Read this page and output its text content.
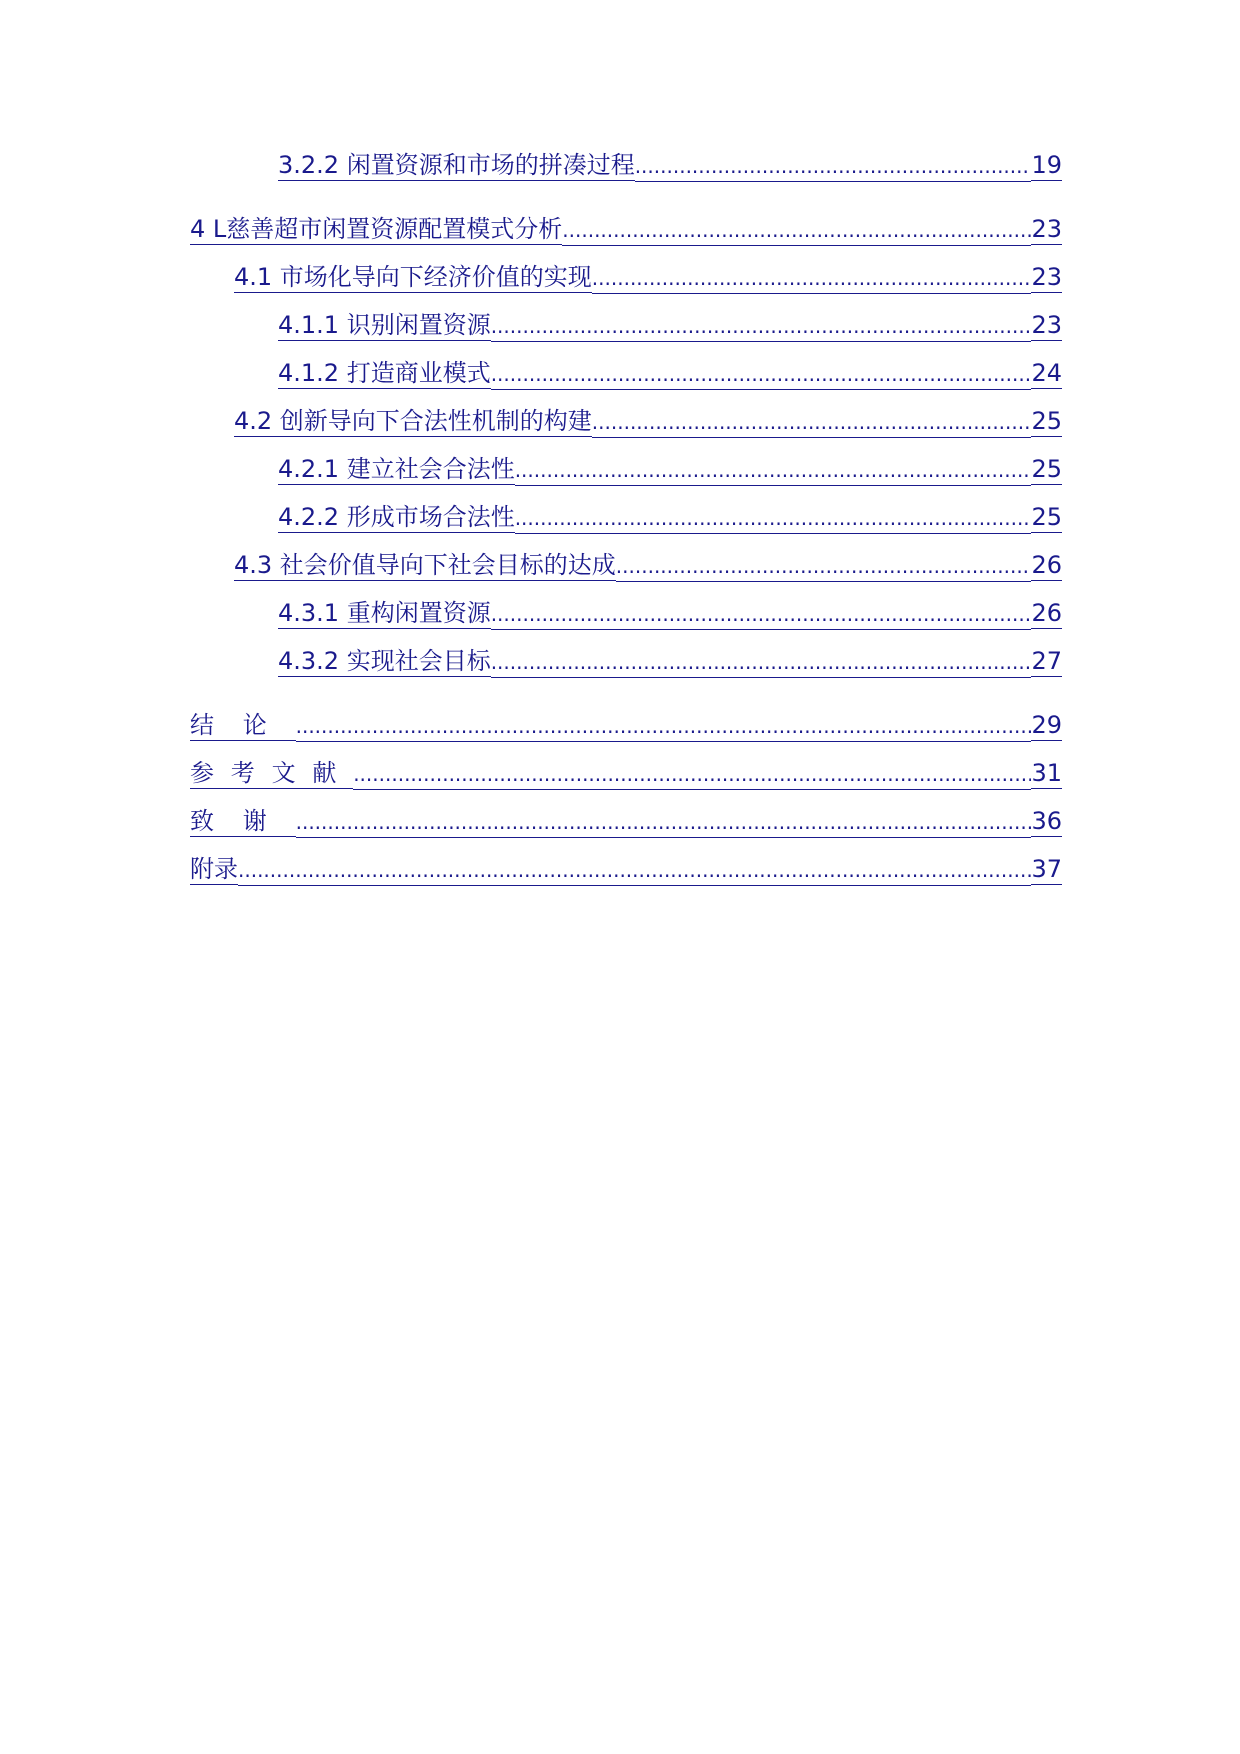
3.2.2 闲置资源和市场的拼凑过程 .....	19
4 L慈善超市闲置资源配置模式分析 .....	23
4.1 市场化导向下经济价值的实现 .....	23
4.1.1 识别闲置资源 .....	23
4.1.2 打造商业模式 .....	24
4.2 创新导向下合法性机制的构建 .....	25
4.2.1 建立社会合法性 .....	25
4.2.2 形成市场合法性 .....	25
4.3 社会价值导向下社会目标的达成 .....	26
4.3.1 重构闲置资源 .....	26
4.3.2 实现社会目标 .....	27
结论 .....	29
参考文献 .....	31
致谢 .....	36
附录 .....	37
